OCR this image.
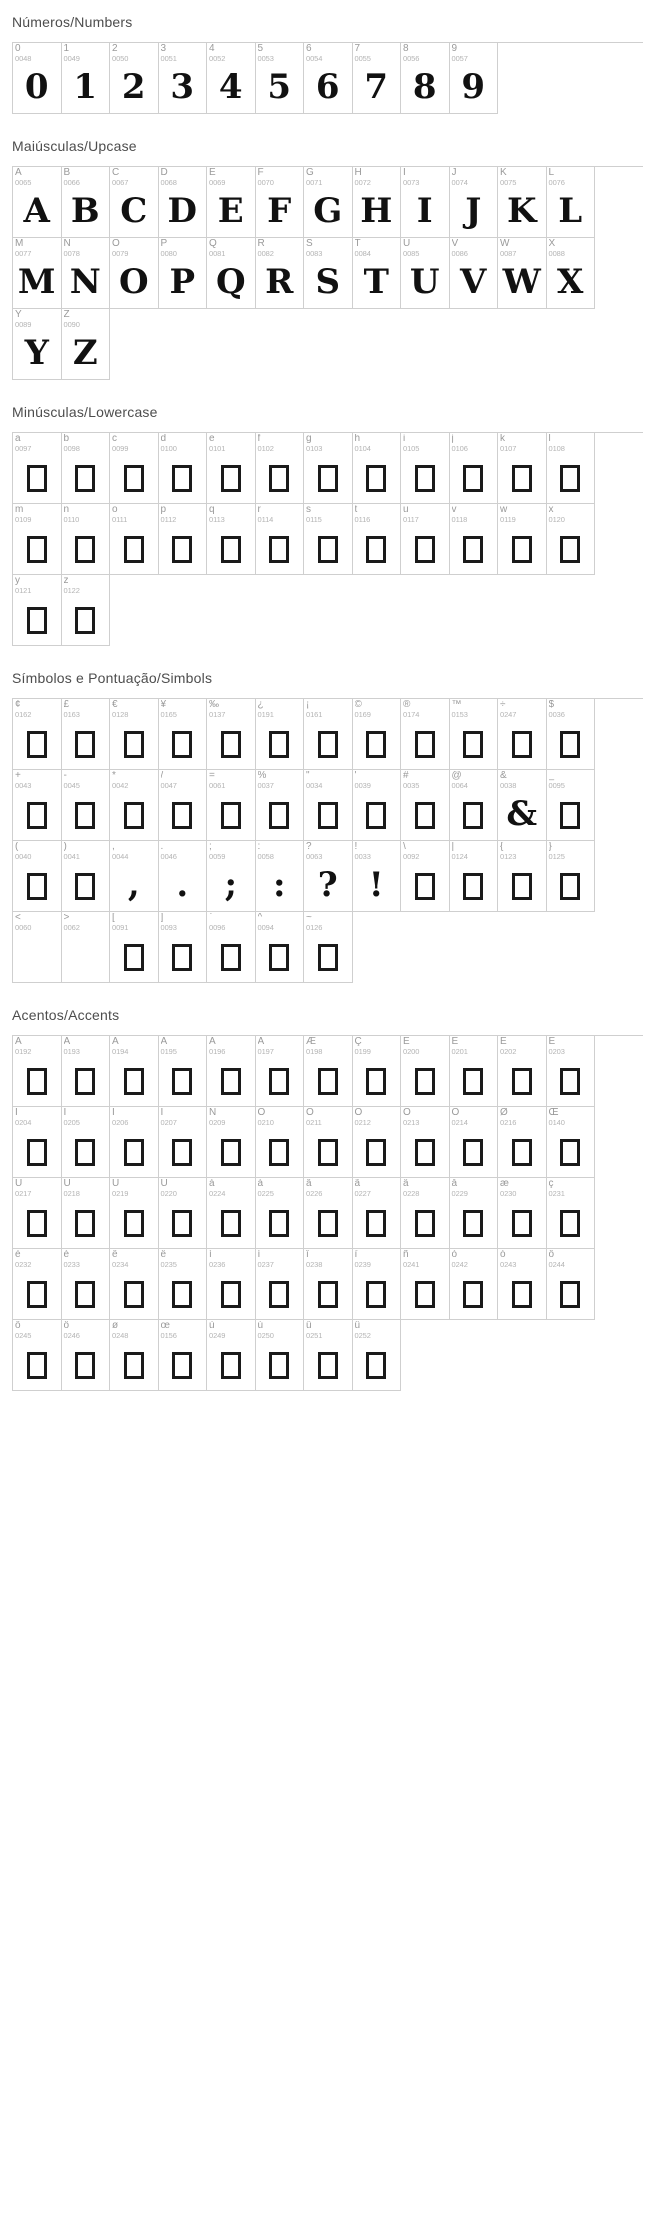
Números/Numbers
0
0048
0
1
0049
1
2
0050
2
3
0051
3
4
0052
4
5
0053
5
6
0054
6
7
0055
7
8
0056
8
9
0057
9
Maiúsculas/Upcase
A
0065
A
B
0066
B
C
0067
C
D
0068
D
E
0069
E
F
0070
F
G
0071
G
H
0072
H
I
0073
I
J
0074
J
K
0075
K
L
0076
L
M
0077
M
N
0078
N
O
0079
O
P
0080
P
Q
0081
Q
R
0082
R
S
0083
S
T
0084
T
U
0085
U
V
0086
V
W
0087
W
X
0088
X
Y
0089
Y
Z
0090
Z
Minúsculas/Lowercase
a
0097
b
0098
c
0099
d
0100
e
0101
f
0102
g
0103
h
0104
i
0105
j
0106
k
0107
l
0108
m
0109
n
0110
o
0111
p
0112
q
0113
r
0114
s
0115
t
0116
u
0117
v
0118
w
0119
x
0120
y
0121
z
0122
Símbolos e Pontuação/Simbols
¢
0162
£
0163
€
0128
¥
0165
‰
0137
¿
0191
¡
0161
©
0169
®
0174
™
0153
÷
0247
$
0036
+
0043
-
0045
*
0042
/
0047
=
0061
%
0037
"
0034
'
0039
#
0035
@
0064
&
0038
&
_
0095
(
0040
)
0041
,
0044
,
.
0046
.
;
0059
;
:
0058
:
?
0063
?
!
0033
!
\
0092
|
0124
{
0123
}
0125
<
0060
>
0062
[
0091
]
0093
`
0096
^
0094
~
0126
Acentos/Accents
À
0192
Á
0193
Â
0194
Ã
0195
Ä
0196
Å
0197
Æ
0198
Ç
0199
È
0200
É
0201
Ê
0202
Ë
0203
Ì
0204
Í
0205
Î
0206
Ï
0207
Ñ
0209
Ò
0210
Ó
0211
Ô
0212
Õ
0213
Ö
0214
Ø
0216
Œ
0140
Ù
0217
Ú
0218
Û
0219
Ü
0220
à
0224
á
0225
â
0226
ã
0227
ä
0228
å
0229
æ
0230
ç
0231
è
0232
é
0233
ê
0234
ë
0235
ì
0236
í
0237
î
0238
ï
0239
ñ
0241
ò
0242
ó
0243
ô
0244
õ
0245
ö
0246
ø
0248
œ
0156
ù
0249
ú
0250
û
0251
ü
0252
